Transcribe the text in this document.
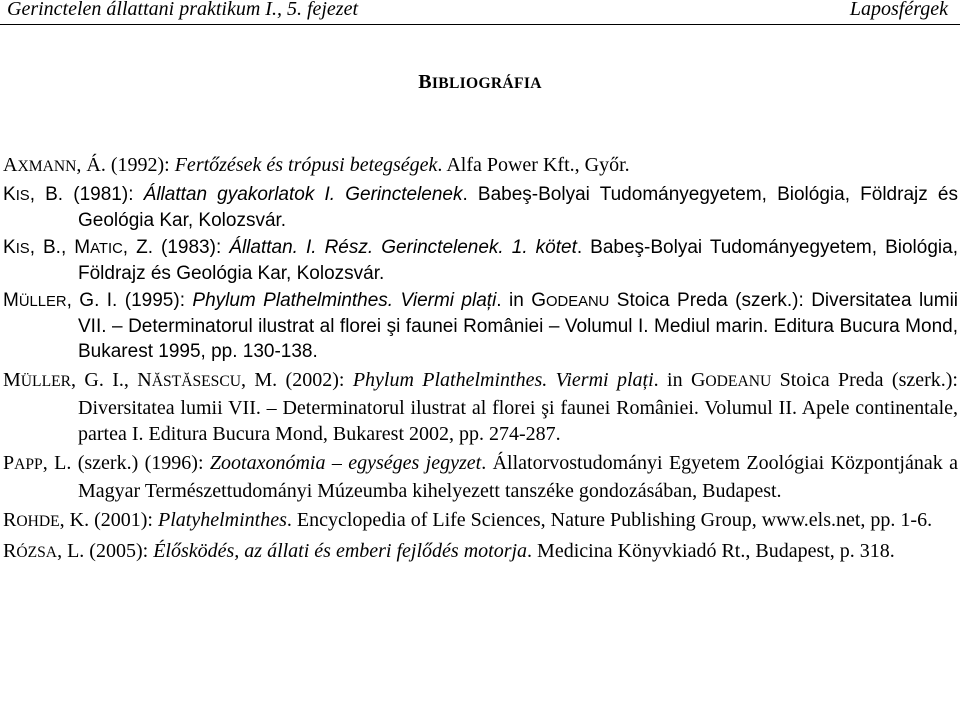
Gerinctelen állattani praktikum I., 5. fejezet	Laposférgek
BIBLIOGRÁFIA
AXMANN, Á. (1992): Fertőzések és trópusi betegségek. Alfa Power Kft., Győr.
KIS, B. (1981): Állattan gyakorlatok I. Gerinctelenek. Babeş-Bolyai Tudományegyetem, Biológia, Földrajz és Geológia Kar, Kolozsvár.
KIS, B., MATIC, Z. (1983): Állattan. I. Rész. Gerinctelenek. 1. kötet. Babeş-Bolyai Tudományegyetem, Biológia, Földrajz és Geológia Kar, Kolozsvár.
MÜLLER, G. I. (1995): Phylum Plathelminthes. Viermi plați. in GODEANU Stoica Preda (szerk.): Diversitatea lumii VII. – Determinatorul ilustrat al florei şi faunei României – Volumul I. Mediul marin. Editura Bucura Mond, Bukarest 1995, pp. 130-138.
MÜLLER, G. I., NĂSTĂSESCU, M. (2002): Phylum Plathelminthes. Viermi plați. in GODEANU Stoica Preda (szerk.): Diversitatea lumii VII. – Determinatorul ilustrat al florei şi faunei României. Volumul II. Apele continentale, partea I. Editura Bucura Mond, Bukarest 2002, pp. 274-287.
PAPP, L. (szerk.) (1996): Zootaxonómia – egységes jegyzet. Állatorvostudományi Egyetem Zoológiai Központjának a Magyar Természettudományi Múzeumba kihelyezett tanszéke gondozásában, Budapest.
ROHDE, K. (2001): Platyhelminthes. Encyclopedia of Life Sciences, Nature Publishing Group, www.els.net, pp. 1-6.
RÓZSA, L. (2005): Élősködés, az állati és emberi fejlődés motorja. Medicina Könyvkiadó Rt., Budapest, p. 318.
